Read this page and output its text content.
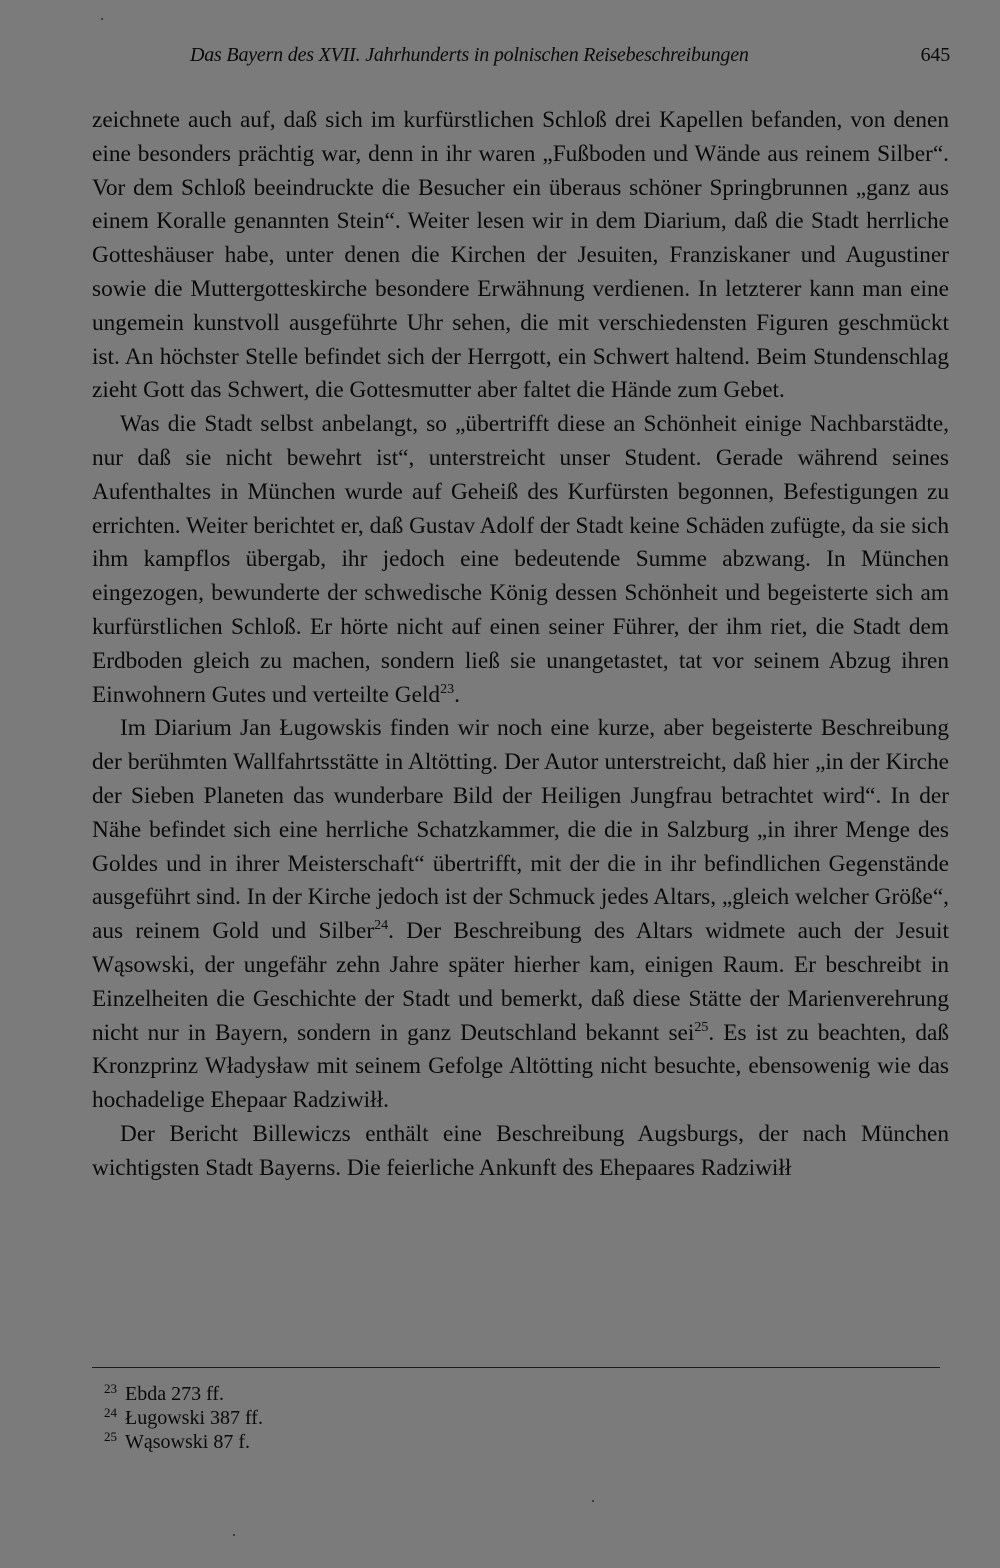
Das Bayern des XVII. Jahrhunderts in polnischen Reisebeschreibungen	645

zeichnete auch auf, daß sich im kurfürstlichen Schloß drei Kapellen befanden, von denen eine besonders prächtig war, denn in ihr waren „Fußboden und Wände aus reinem Silber“. Vor dem Schloß beeindruckte die Besucher ein überaus schöner Springbrunnen „ganz aus einem Koralle genannten Stein“. Weiter lesen wir in dem Diarium, daß die Stadt herrliche Gotteshäuser habe, unter denen die Kirchen der Jesuiten, Franziskaner und Augustiner sowie die Muttergotteskirche besondere Erwähnung verdienen. In letzterer kann man eine ungemein kunstvoll ausgeführte Uhr sehen, die mit verschiedensten Figuren geschmückt ist. An höchster Stelle befindet sich der Herrgott, ein Schwert haltend. Beim Stundenschlag zieht Gott das Schwert, die Gottesmutter aber faltet die Hände zum Gebet.

Was die Stadt selbst anbelangt, so „übertrifft diese an Schönheit einige Nachbarstädte, nur daß sie nicht bewehrt ist“, unterstreicht unser Student. Gerade während seines Aufenthaltes in München wurde auf Geheiß des Kurfürsten begonnen, Befestigungen zu errichten. Weiter berichtet er, daß Gustav Adolf der Stadt keine Schäden zufügte, da sie sich ihm kampflos übergab, ihr jedoch eine bedeutende Summe abzwang. In München eingezogen, bewunderte der schwedische König dessen Schönheit und begeisterte sich am kurfürstlichen Schloß. Er hörte nicht auf einen seiner Führer, der ihm riet, die Stadt dem Erdboden gleich zu machen, sondern ließ sie unangetastet, tat vor seinem Abzug ihren Einwohnern Gutes und verteilte Geld$^{23}$.

Im Diarium Jan Ługowskis finden wir noch eine kurze, aber begeisterte Beschreibung der berühmten Wallfahrtsstätte in Altötting. Der Autor unterstreicht, daß hier „in der Kirche der Sieben Planeten das wunderbare Bild der Heiligen Jungfrau betrachtet wird“. In der Nähe befindet sich eine herrliche Schatzkammer, die die in Salzburg „in ihrer Menge des Goldes und in ihrer Meisterschaft“ übertrifft, mit der die in ihr befindlichen Gegenstände ausgeführt sind. In der Kirche jedoch ist der Schmuck jedes Altars, „gleich welcher Größe“, aus reinem Gold und Silber$^{24}$. Der Beschreibung des Altars widmete auch der Jesuit Wąsowski, der ungefähr zehn Jahre später hierher kam, einigen Raum. Er beschreibt in Einzelheiten die Geschichte der Stadt und bemerkt, daß diese Stätte der Marienverehrung nicht nur in Bayern, sondern in ganz Deutschland bekannt sei$^{25}$. Es ist zu beachten, daß Kronzprinz Władysław mit seinem Gefolge Altötting nicht besuchte, ebensowenig wie das hochadelige Ehepaar Radziwiłł.

Der Bericht Billewiczs enthält eine Beschreibung Augsburgs, der nach München wichtigsten Stadt Bayerns. Die feierliche Ankunft des Ehepaares Radziwiłł

$^{23}$ Ebda 273 ff.
$^{24}$ Ługowski 387 ff.
$^{25}$ Wąsowski 87 f.
